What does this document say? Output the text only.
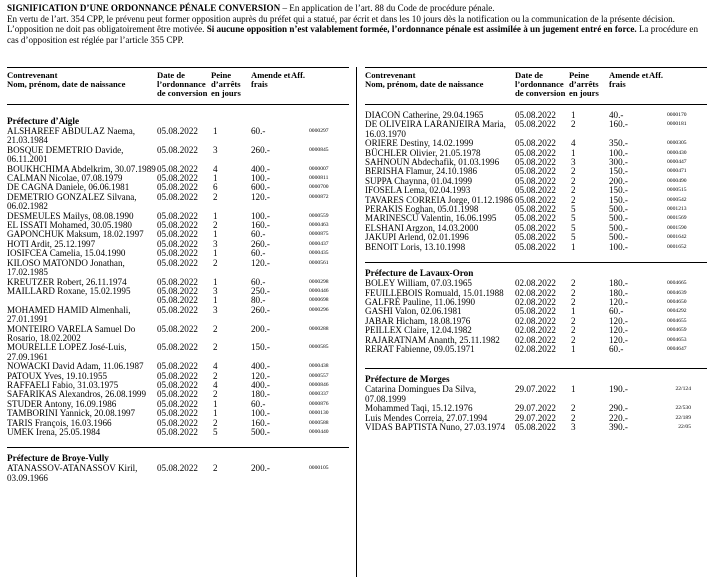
SIGNIFICATION D’UNE ORDONNANCE PÉNALE CONVERSION – En application de l’art. 88 du Code de procédure pénale.
En vertu de l’art. 354 CPP, le prévenu peut former opposition auprès du préfet qui a statué, par écrit et dans les 10 jours dès la notification ou la communication de la présente décision. L’opposition ne doit pas obligatoirement être motivée. Si aucune opposition n’est valablement formée, l’ordonnance pénale est assimilée à un jugement entré en force. La procédure en cas d’opposition est réglée par l’article 355 CPP.
Contrevenant
Nom, prénom, date de naissance
Date de l’ordonnance de conversion
Peine d’arrêts en jours
Amende et frais
Aff.
Préfecture d’Aigle
ALSHAREEF ABDULAZ Naema, 21.03.1984
05.08.2022	1	60.-	0000297
BOSQUE DEMETRIO Davide, 06.11.2001
05.08.2022	3	260.-	0000845
BOUKHCHIMA Abdelkrim, 30.07.1989 05.08.2022	4	400.-	0000007
CALMAN Nicolae, 07.08.1979	05.08.2022	1	100.-	0000811
DE CAGNA Daniele, 06.06.1981	05.08.2022	6	600.-	0000700
DEMETRIO GONZALEZ Silvana, 06.02.1982
05.08.2022	2	120.-	0000872
DESMEULES Mailys, 08.08.1990	05.08.2022	1	100.-	0000559
EL ISSATI Mohamed, 30.05.1980	05.08.2022	2	160.-	0000463
GAPONCHUK Maksum, 18.02.1997	05.08.2022	1	60.-	0000875
HOTI Ardit, 25.12.1997	05.08.2022	3	260.-	0000437
IOSIFCEA Camelia, 15.04.1990	05.08.2022	1	60.-	0000435
KILOSO MATONDO Jonathan, 17.02.1985
05.08.2022	2	120.-	0000561
KREUTZER Robert, 26.11.1974	05.08.2022	1	60.-	0000298
MAILLARD Roxane, 15.02.1995	05.08.2022	3	250.-	0000446
05.08.2022	1	80.-	0000698
MOHAMED HAMID Almenhali, 27.01.1991
05.08.2022	3	260.-	0000296
MONTEIRO VARELA Samuel Do Rosario, 18.02.2002
05.08.2022	2	200.-	0000288
MOURELLE LOPEZ José-Luis, 27.09.1961
05.08.2022	2	150.-	0000585
NOWACKI David Adam, 11.06.1987	05.08.2022	4	400.-	0000438
PATOUX Yves, 19.10.1955	05.08.2022	2	120.-	0000557
RAFFAELI Fabio, 31.03.1975	05.08.2022	4	400.-	0000846
SAFARIKAS Alexandros, 26.08.1999	05.08.2022	2	180.-	0000337
STUDER Antony, 16.09.1986	05.08.2022	1	60.-	0000876
TAMBORINI Yannick, 20.08.1997	05.08.2022	1	100.-	0000130
TARIS François, 16.03.1966	05.08.2022	2	160.-	0000588
UMEK Irena, 25.05.1984	05.08.2022	5	500.-	0000440
Préfecture de Broye-Vully
ATANASSOV-ATANASSOV Kiril, 03.09.1966
05.08.2022	2	200.-	0000105
Contrevenant
Nom, prénom, date de naissance
Date de l’ordonnance de conversion
Peine d’arrêts en jours
Amende et frais
Aff.
DIACON Catherine, 29.04.1965	05.08.2022	1	40.-	0000170
DE OLIVEIRA LARANJEIRA Maria, 16.03.1970
05.08.2022	2	160.-	0000181
ORIERE Destiny, 14.02.1999	05.08.2022	4	350.-	0000305
BÜCHLER Olivier, 21.05.1978	05.08.2022	1	100.-	0000430
SAHNOUN Abdechafik, 01.03.1996	05.08.2022	3	300.-	0000447
BERISHA Flamur, 24.10.1986	05.08.2022	2	150.-	0000471
SUPPA Chaynna, 01.04.1999	05.08.2022	2	200.-	0000490
IFOSELA Lema, 02.04.1993	05.08.2022	2	150.-	0000515
TAVARES CORREIA Jorge, 01.12.1986 05.08.2022	2	150.-	0000542
PERAKIS Eoghan, 05.01.1998	05.08.2022	5	500.-	0001213
MARINESCU Valentin, 16.06.1995	05.08.2022	5	500.-	0001569
ELSHANI Argzon, 14.03.2000	05.08.2022	5	500.-	0001590
JAKUPI Arlend, 02.01.1996	05.08.2022	5	500.-	0001642
BENOIT Loris, 13.10.1998	05.08.2022	1	100.-	0001652
Préfecture de Lavaux-Oron
BOLEY William, 07.03.1965	02.08.2022	2	180.-	0004665
FEUILLEBOIS Romuald, 15.01.1988	02.08.2022	2	180.-	0004639
GALFRÉ Pauline, 11.06.1990	02.08.2022	2	120.-	0004650
GASHI Valon, 02.06.1981	05.08.2022	1	60.-	0004292
JABAR Hicham, 18.08.1976	02.08.2022	2	120.-	0004655
PEILLEX Claire, 12.04.1982	02.08.2022	2	120.-	0004659
RAJARATNAM Ananth, 25.11.1982	02.08.2022	2	120.-	0004653
RERAT Fabienne, 09.05.1971	02.08.2022	1	60.-	0004647
Préfecture de Morges
Catarina Domingues Da Silva, 07.08.1999
29.07.2022	1	190.-	22/124
Mohammed Taqi, 15.12.1976	29.07.2022	2	290.-	22/530
Luis Mendes Correia, 27.07.1994	29.07.2022	2	220.-	22/189
VIDAS BAPTISTA Nuno, 27.03.1974	05.08.2022	3	390.-	22/05
